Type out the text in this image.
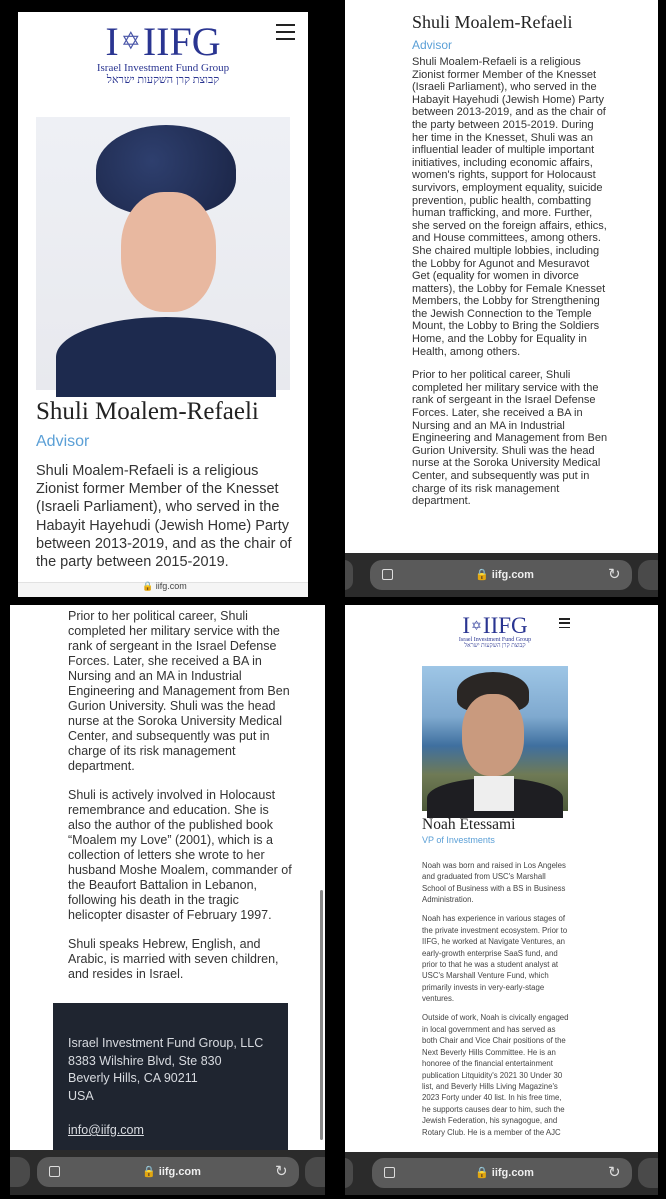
I ✡ IIFG
Israel Investment Fund Group
קבוצת קרן השקעות ישראל
Shuli Moalem-Refaeli
Advisor
Shuli Moalem-Refaeli is a religious Zionist former Member of the Knesset (Israeli Parliament), who served in the Habayit Hayehudi (Jewish Home) Party between 2013-2019, and as the chair of the party between 2015-2019.
🔒 iifg.com
Shuli Moalem-Refaeli
Advisor

Shuli Moalem-Refaeli is a religious Zionist former Member of the Knesset (Israeli Parliament), who served in the Habayit Hayehudi (Jewish Home) Party between 2013-2019, and as the chair of the party between 2015-2019. During her time in the Knesset, Shuli was an influential leader of multiple important initiatives, including economic affairs, women's rights, support for Holocaust survivors, employment equality, suicide prevention, public health, combatting human trafficking, and more. Further, she served on the foreign affairs, ethics, and House committees, among others. She chaired multiple lobbies, including the Lobby for Agunot and Mesuravot Get (equality for women in divorce matters), the Lobby for Female Knesset Members, the Lobby for Strengthening the Jewish Connection to the Temple Mount, the Lobby to Bring the Soldiers Home, and the Lobby for Equality in Health, among others.

Prior to her political career, Shuli completed her military service with the rank of sergeant in the Israel Defense Forces. Later, she received a BA in Nursing and an MA in Industrial Engineering and Management from Ben Gurion University. Shuli was the head nurse at the Soroka University Medical Center, and subsequently was put in charge of its risk management department.

🔒 iifg.com	↻

Prior to her political career, Shuli completed her military service with the rank of sergeant in the Israel Defense Forces. Later, she received a BA in Nursing and an MA in Industrial Engineering and Management from Ben Gurion University. Shuli was the head nurse at the Soroka University Medical Center, and subsequently was put in charge of its risk management department.

Shuli is actively involved in Holocaust remembrance and education. She is also the author of the published book “Moalem my Love” (2001), which is a collection of letters she wrote to her husband Moshe Moalem, commander of the Beaufort Battalion in Lebanon, following his death in the tragic helicopter disaster of February 1997.

Shuli speaks Hebrew, English, and Arabic, is married with seven children, and resides in Israel.

Israel Investment Fund Group, LLC
8383 Wilshire Blvd, Ste 830
Beverly Hills, CA 90211
USA
info@iifg.com
🔒 iifg.com	↻
I ✡ IIFG
Israel Investment Fund Group
קבוצת קרן השקעות ישראל
Noah Etessami
VP of Investments

Noah was born and raised in Los Angeles and graduated from USC's Marshall School of Business with a BS in Business Administration.

Noah has experience in various stages of the private investment ecosystem. Prior to IIFG, he worked at Navigate Ventures, an early-growth enterprise SaaS fund, and prior to that he was a student analyst at USC's Marshall Venture Fund, which primarily invests in very-early-stage ventures.

Outside of work, Noah is civically engaged in local government and has served as both Chair and Vice Chair positions of the Next Beverly Hills Committee. He is an honoree of the financial entertainment publication Litquidity's 2021 30 Under 30 list, and Beverly Hills Living Magazine's 2023 Forty under 40 list. In his free time, he supports causes dear to him, such the Jewish Federation, his synagogue, and Rotary Club. He is a member of the AJC

🔒 iifg.com	↻
